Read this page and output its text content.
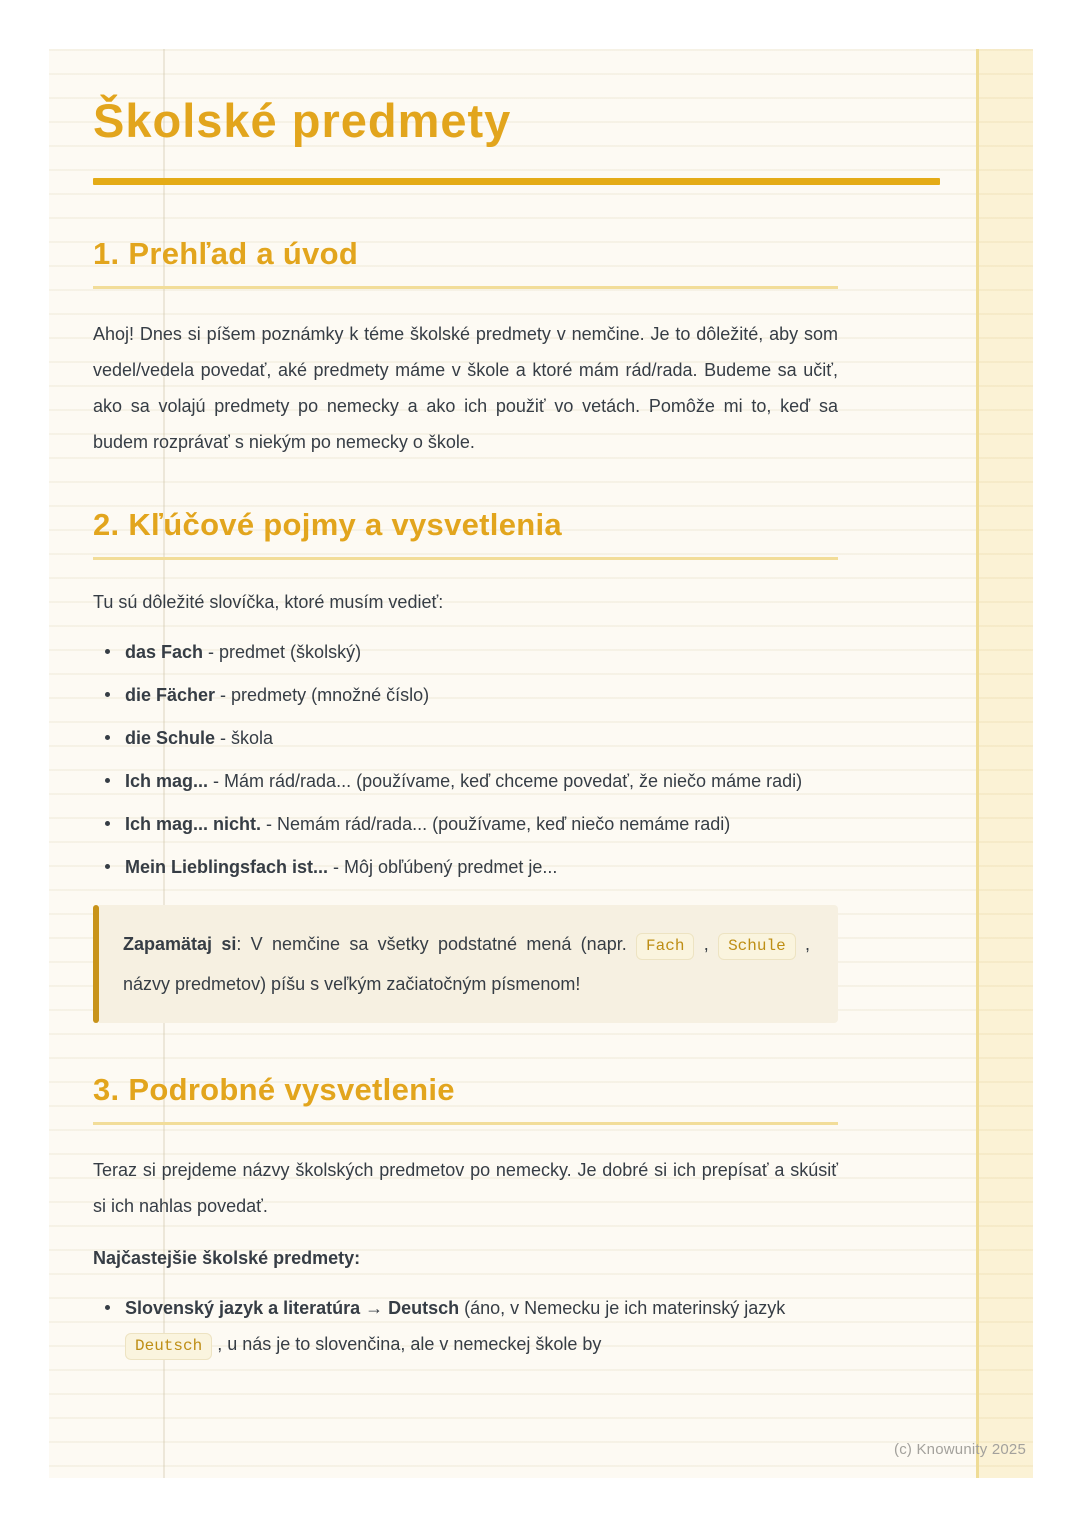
Školské predmety
1. Prehľad a úvod

Ahoj! Dnes si píšem poznámky k téme školské predmety v nemčine. Je to dôležité, aby som vedel/vedela povedať, aké predmety máme v škole a ktoré mám rád/rada. Budeme sa učiť, ako sa volajú predmety po nemecky a ako ich použiť vo vetách. Pomôže mi to, keď sa budem rozprávať s niekým po nemecky o škole.

2. Kľúčové pojmy a vysvetlenia

Tu sú dôležité slovíčka, ktoré musím vedieť:

das Fach - predmet (školský)
die Fächer - predmety (množné číslo)
die Schule - škola
Ich mag... - Mám rád/rada... (používame, keď chceme povedať, že niečo máme radi)
Ich mag... nicht. - Nemám rád/rada... (používame, keď niečo nemáme radi)
Mein Lieblingsfach ist... - Môj obľúbený predmet je...
Zapamätaj si: V nemčine sa všetky podstatné mená (napr. Fach , Schule , názvy predmetov) píšu s veľkým začiatočným písmenom!
3. Podrobné vysvetlenie

Teraz si prejdeme názvy školských predmetov po nemecky. Je dobré si ich prepísať a skúsiť si ich nahlas povedať.

Najčastejšie školské predmety:

Slovenský jazyk a literatúra → Deutsch (áno, v Nemecku je ich materinský jazyk Deutsch , u nás je to slovenčina, ale v nemeckej škole by
(c) Knowunity 2025
